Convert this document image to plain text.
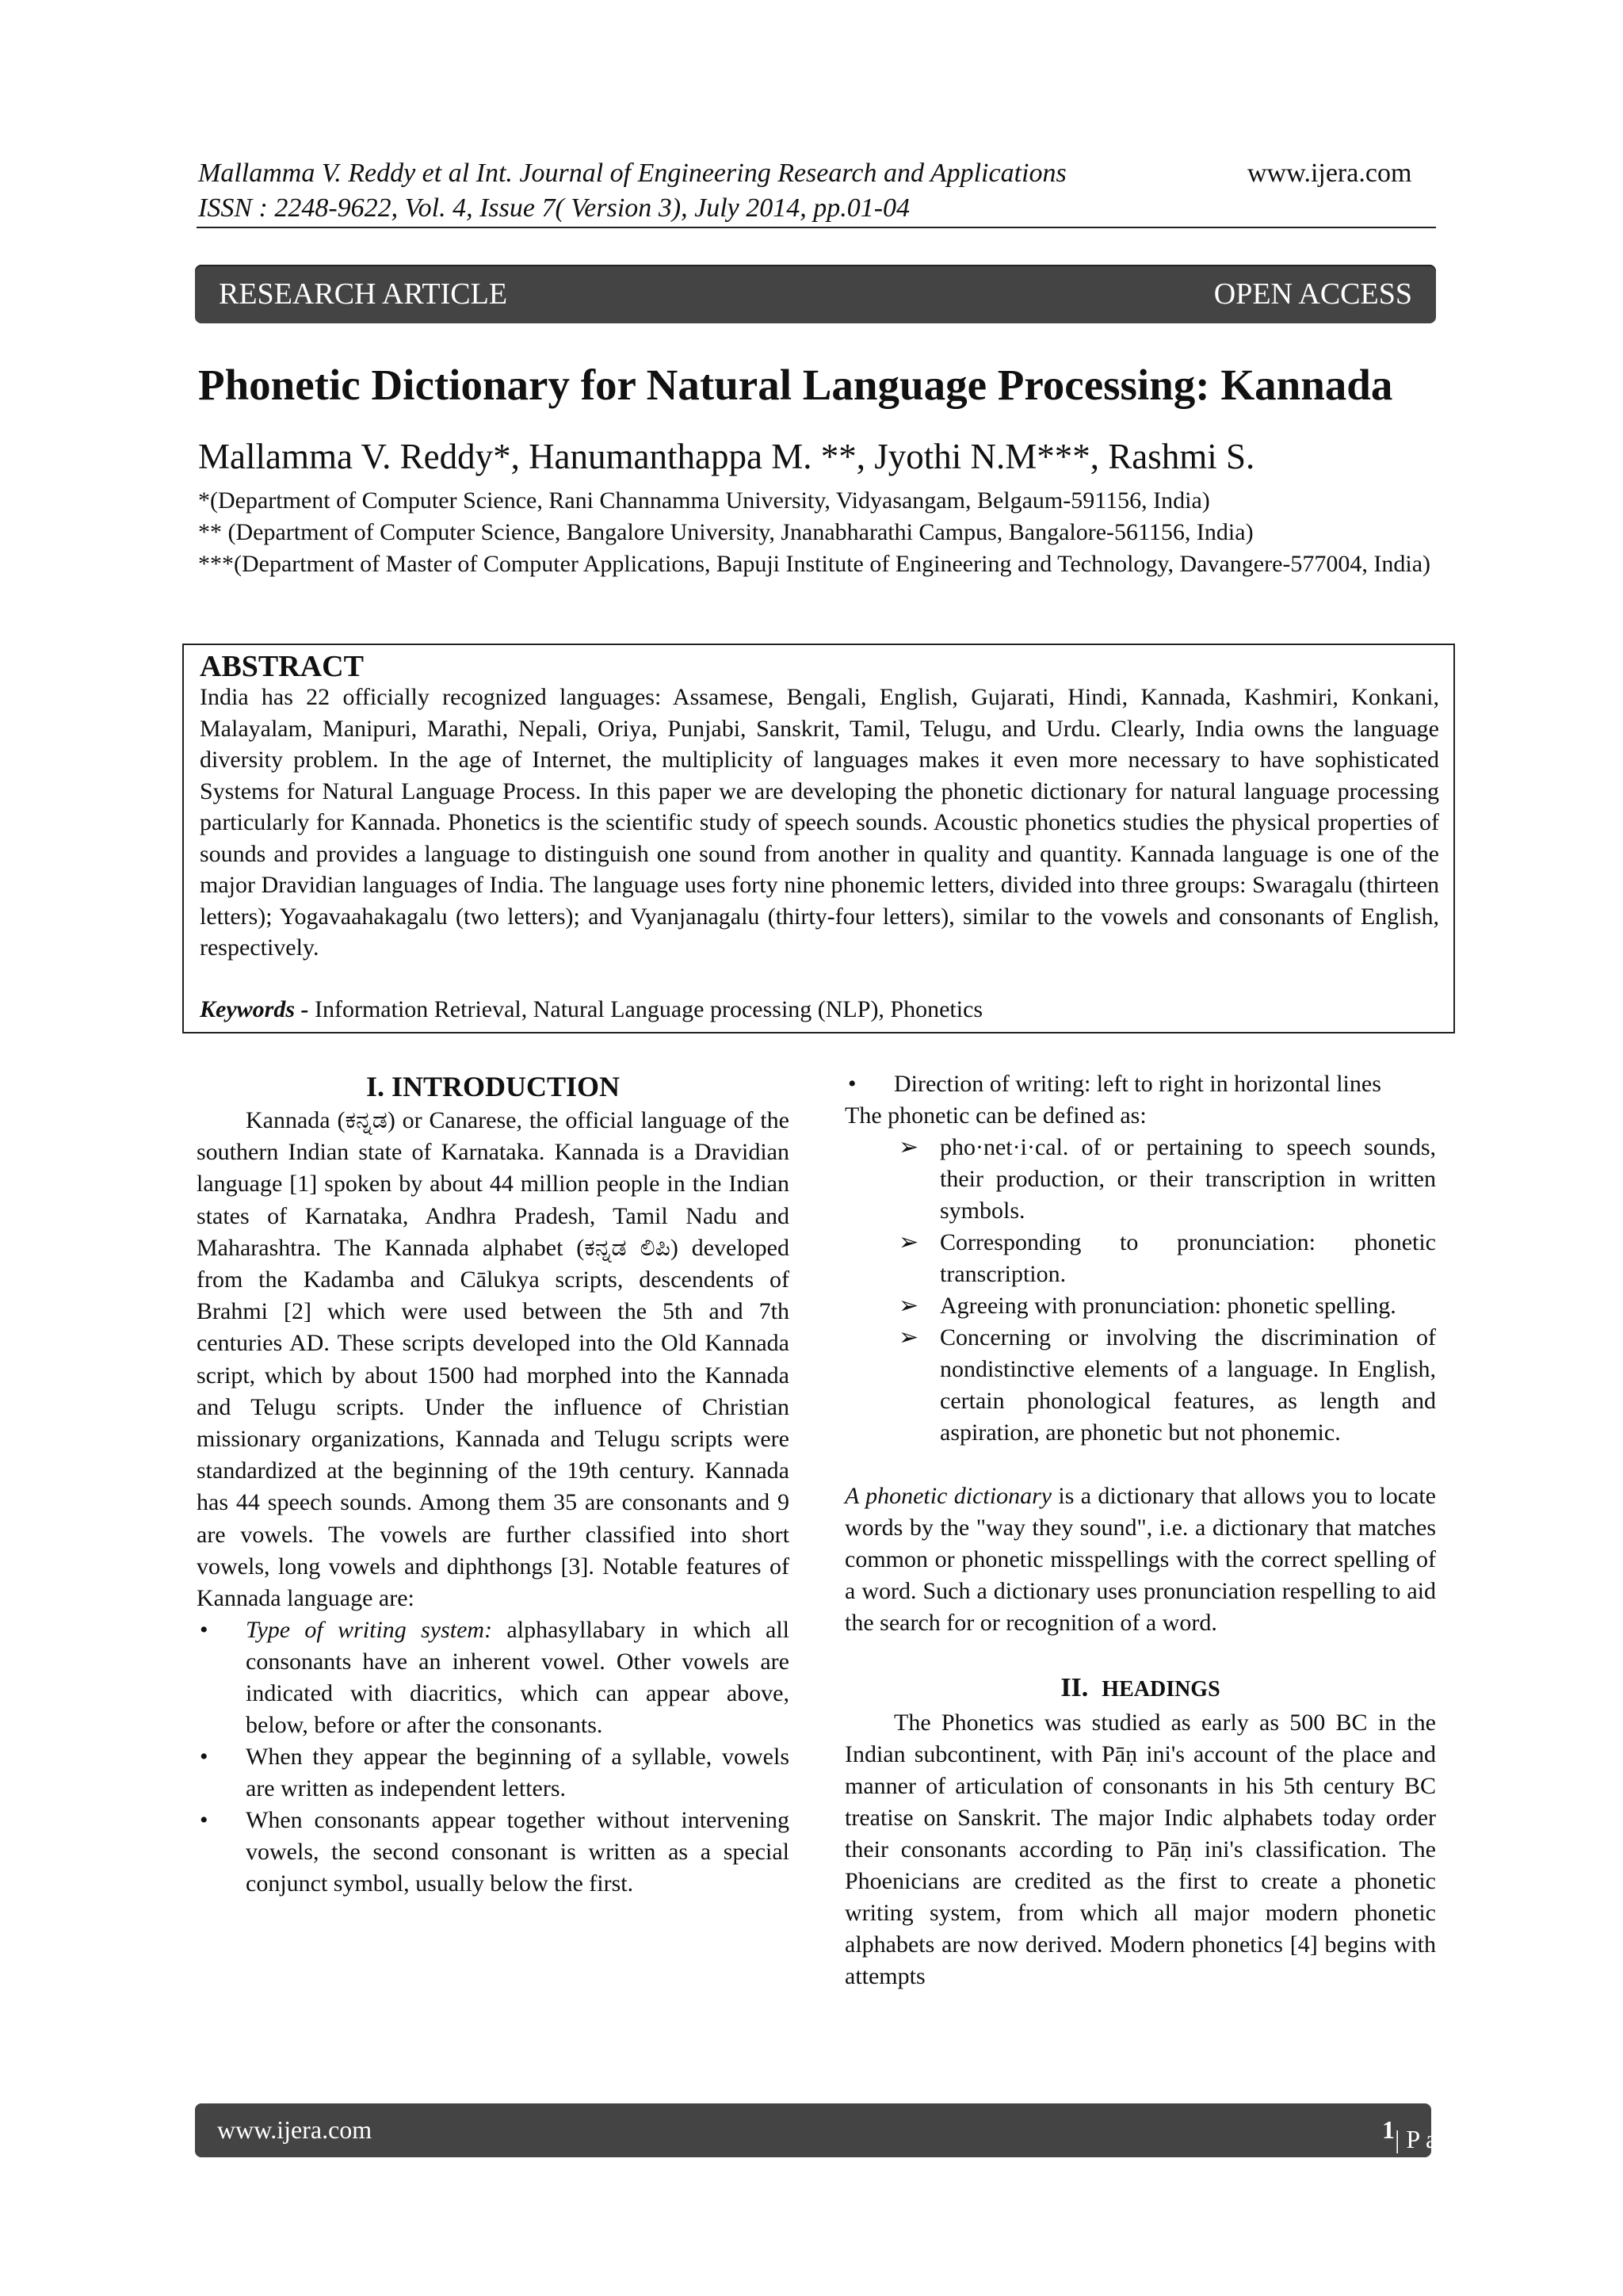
Mallamma V. Reddy et al Int. Journal of Engineering Research and Applications	www.ijera.com
ISSN : 2248-9622, Vol. 4, Issue 7( Version 3), July 2014, pp.01-04
RESEARCH ARTICLE	OPEN ACCESS
Phonetic Dictionary for Natural Language Processing: Kannada
Mallamma V. Reddy*, Hanumanthappa M. **, Jyothi N.M***, Rashmi S.
*(Department of Computer Science, Rani Channamma University, Vidyasangam, Belgaum-591156, India)
** (Department of Computer Science, Bangalore University, Jnanabharathi Campus, Bangalore-561156, India)
***(Department of Master of Computer Applications, Bapuji Institute of Engineering and Technology, Davangere-577004, India)
ABSTRACT
India has 22 officially recognized languages: Assamese, Bengali, English, Gujarati, Hindi, Kannada, Kashmiri, Konkani, Malayalam, Manipuri, Marathi, Nepali, Oriya, Punjabi, Sanskrit, Tamil, Telugu, and Urdu. Clearly, India owns the language diversity problem. In the age of Internet, the multiplicity of languages makes it even more necessary to have sophisticated Systems for Natural Language Process. In this paper we are developing the phonetic dictionary for natural language processing particularly for Kannada. Phonetics is the scientific study of speech sounds. Acoustic phonetics studies the physical properties of sounds and provides a language to distinguish one sound from another in quality and quantity. Kannada language is one of the major Dravidian languages of India. The language uses forty nine phonemic letters, divided into three groups: Swaragalu (thirteen letters); Yogavaahakagalu (two letters); and Vyanjanagalu (thirty-four letters), similar to the vowels and consonants of English, respectively.
Keywords - Information Retrieval, Natural Language processing (NLP), Phonetics
I. INTRODUCTION

Kannada (ಕನ್ನಡ) or Canarese, the official language of the southern Indian state of Karnataka. Kannada is a Dravidian language [1] spoken by about 44 million people in the Indian states of Karnataka, Andhra Pradesh, Tamil Nadu and Maharashtra. The Kannada alphabet (ಕನ್ನಡ ಲಿಪಿ) developed from the Kadamba and Cālukya scripts, descendents of Brahmi [2] which were used between the 5th and 7th centuries AD. These scripts developed into the Old Kannada script, which by about 1500 had morphed into the Kannada and Telugu scripts. Under the influence of Christian missionary organizations, Kannada and Telugu scripts were standardized at the beginning of the 19th century. Kannada has 44 speech sounds. Among them 35 are consonants and 9 are vowels. The vowels are further classified into short vowels, long vowels and diphthongs [3]. Notable features of Kannada language are:

• Type of writing system: alphasyllabary in which all consonants have an inherent vowel. Other vowels are indicated with diacritics, which can appear above, below, before or after the consonants.
• When they appear the beginning of a syllable, vowels are written as independent letters.
• When consonants appear together without intervening vowels, the second consonant is written as a special conjunct symbol, usually below the first.
• Direction of writing: left to right in horizontal lines

The phonetic can be defined as:

➢ pho·net·i·cal. of or pertaining to speech sounds, their production, or their transcription in written symbols.
➢ Corresponding to pronunciation: phonetic transcription.
➢ Agreeing with pronunciation: phonetic spelling.
➢ Concerning or involving the discrimination of nondistinctive elements of a language. In English, certain phonological features, as length and aspiration, are phonetic but not phonemic.

A phonetic dictionary is a dictionary that allows you to locate words by the "way they sound", i.e. a dictionary that matches common or phonetic misspellings with the correct spelling of a word. Such a dictionary uses pronunciation respelling to aid the search for or recognition of a word.

II. HEADINGS

The Phonetics was studied as early as 500 BC in the Indian subcontinent, with Pāṇ ini's account of the place and manner of articulation of consonants in his 5th century BC treatise on Sanskrit. The major Indic alphabets today order their consonants according to Pāṇ ini's classification. The Phoenicians are credited as the first to create a phonetic writing system, from which all major modern phonetic alphabets are now derived. Modern phonetics [4] begins with attempts

www.ijera.com	1 | P a g e
